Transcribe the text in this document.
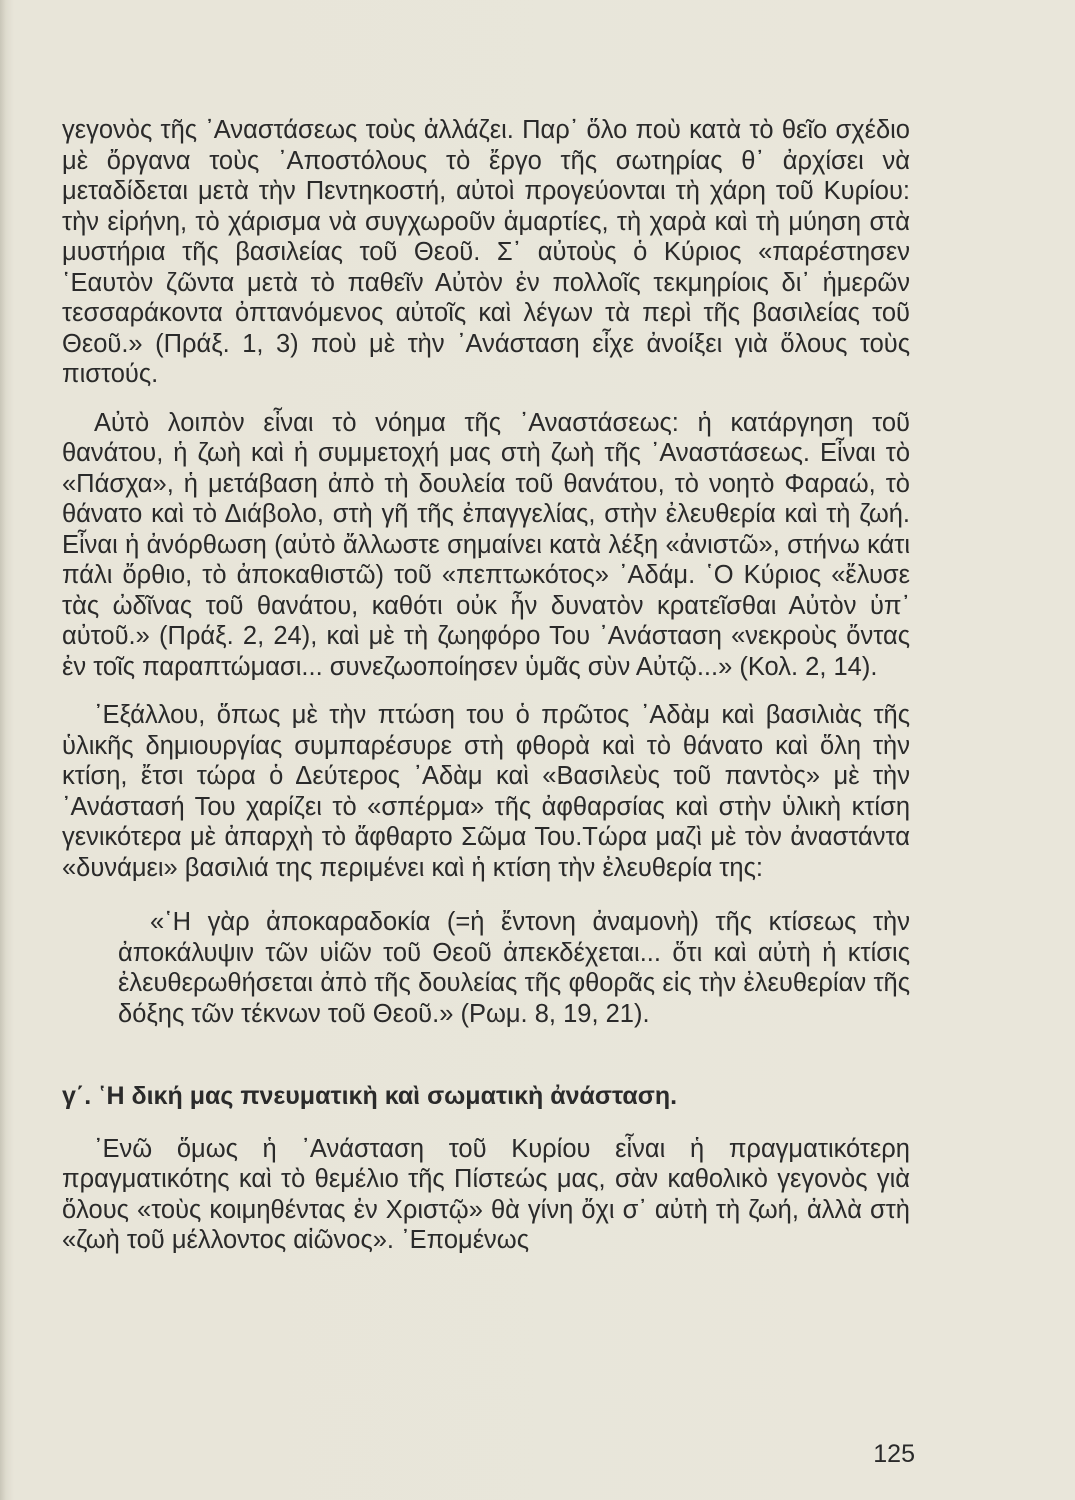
γεγονὸς τῆς ᾿Αναστάσεως τοὺς ἀλλάζει. Παρ᾿ ὅλο ποὺ κατὰ τὸ θεῖο σχέδιο μὲ ὄργανα τοὺς ᾿Αποστόλους τὸ ἔργο τῆς σωτηρίας θ᾿ ἀρχίσει νὰ μεταδίδεται μετὰ τὴν Πεντηκοστή, αὐτοὶ προγεύονται τὴ χάρη τοῦ Κυρίου: τὴν εἰρήνη, τὸ χάρισμα νὰ συγχωροῦν ἁμαρτίες, τὴ χαρὰ καὶ τὴ μύηση στὰ μυστήρια τῆς βασιλείας τοῦ Θεοῦ. Σ᾿ αὐτοὺς ὁ Κύριος «παρέστησεν ῾Εαυτὸν ζῶντα μετὰ τὸ παθεῖν Αὐτὸν ἐν πολλοῖς τεκμηρίοις δι᾿ ἡμερῶν τεσσαράκοντα ὀπτανόμενος αὐτοῖς καὶ λέγων τὰ περὶ τῆς βασιλείας τοῦ Θεοῦ.» (Πράξ. 1, 3) ποὺ μὲ τὴν ᾿Ανάσταση εἶχε ἀνοίξει γιὰ ὅλους τοὺς πιστούς.

Αὐτὸ λοιπὸν εἶναι τὸ νόημα τῆς ᾿Αναστάσεως: ἡ κατάργηση τοῦ θανάτου, ἡ ζωὴ καὶ ἡ συμμετοχή μας στὴ ζωὴ τῆς ᾿Αναστάσεως. Εἶναι τὸ «Πάσχα», ἡ μετάβαση ἀπὸ τὴ δουλεία τοῦ θανάτου, τὸ νοητὸ Φαραώ, τὸ θάνατο καὶ τὸ Διάβολο, στὴ γῆ τῆς ἐπαγγελίας, στὴν ἐλευθερία καὶ τὴ ζωή. Εἶναι ἡ ἀνόρθωση (αὐτὸ ἄλλωστε σημαίνει κατὰ λέξη «ἀνιστῶ», στήνω κάτι πάλι ὄρθιο, τὸ ἀποκαθιστῶ) τοῦ «πεπτωκότος» ᾿Αδάμ. ῾Ο Κύριος «ἔλυσε τὰς ὠδῖνας τοῦ θανάτου, καθότι οὐκ ἦν δυνατὸν κρατεῖσθαι Αὐτὸν ὑπ᾿ αὐτοῦ.» (Πράξ. 2, 24), καὶ μὲ τὴ ζωηφόρο Του ᾿Ανάσταση «νεκροὺς ὄντας ἐν τοῖς παραπτώμασι... συνεζωοποίησεν ὑμᾶς σὺν Αὐτῷ...» (Κολ. 2, 14).

᾿Εξάλλου, ὅπως μὲ τὴν πτώση του ὁ πρῶτος ᾿Αδὰμ καὶ βασιλιὰς τῆς ὑλικῆς δημιουργίας συμπαρέσυρε στὴ φθορὰ καὶ τὸ θάνατο καὶ ὅλη τὴν κτίση, ἔτσι τώρα ὁ Δεύτερος ᾿Αδὰμ καὶ «Βασιλεὺς τοῦ παντὸς» μὲ τὴν ᾿Ανάστασή Του χαρίζει τὸ «σπέρμα» τῆς ἀφθαρσίας καὶ στὴν ὑλικὴ κτίση γενικότερα μὲ ἀπαρχὴ τὸ ἄφθαρτο Σῶμα Του.Τώρα μαζὶ μὲ τὸν ἀναστάντα «δυνάμει» βασιλιά της περιμένει καὶ ἡ κτίση τὴν ἐλευθερία της:

«῾Η γὰρ ἀποκαραδοκία (=ἡ ἔντονη ἀναμονὴ) τῆς κτίσεως τὴν ἀποκάλυψιν τῶν υἱῶν τοῦ Θεοῦ ἀπεκδέχεται... ὅτι καὶ αὐτὴ ἡ κτίσις ἐλευθερωθήσεται ἀπὸ τῆς δουλείας τῆς φθορᾶς εἰς τὴν ἐλευθερίαν τῆς δόξης τῶν τέκνων τοῦ Θεοῦ.» (Ρωμ. 8, 19, 21).

γ΄. ῾Η δική μας πνευματικὴ καὶ σωματικὴ ἀνάσταση.

᾿Ενῶ ὅμως ἡ ᾿Ανάσταση τοῦ Κυρίου εἶναι ἡ πραγματικότερη πραγματικότης καὶ τὸ θεμέλιο τῆς Πίστεώς μας, σὰν καθολικὸ γεγονὸς γιὰ ὅλους «τοὺς κοιμηθέντας ἐν Χριστῷ» θὰ γίνη ὄχι σ᾿ αὐτὴ τὴ ζωή, ἀλλὰ στὴ «ζωὴ τοῦ μέλλοντος αἰῶνος». ᾿Επομένως

125
